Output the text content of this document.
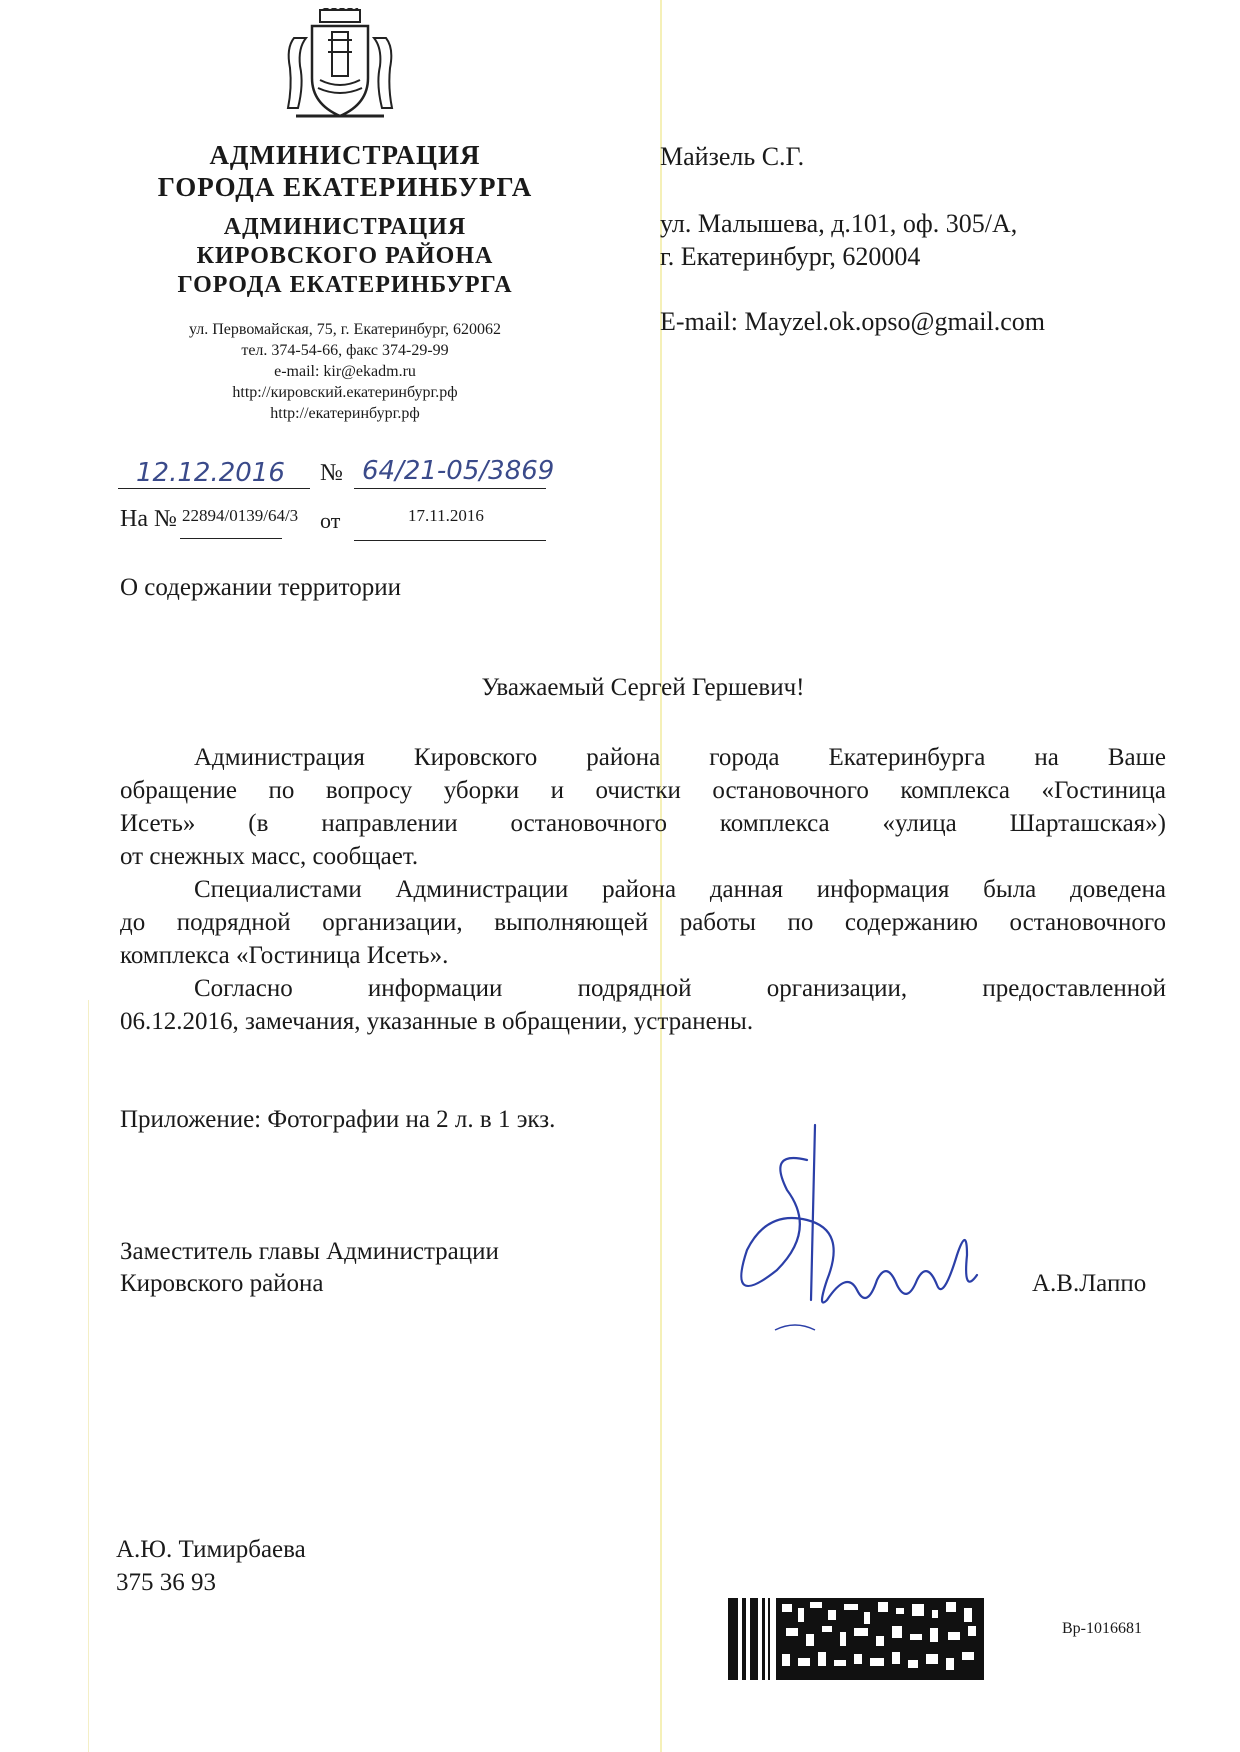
АДМИНИСТРАЦИЯ
ГОРОДА ЕКАТЕРИНБУРГА
АДМИНИСТРАЦИЯ
КИРОВСКОГО РАЙОНА
ГОРОДА ЕКАТЕРИНБУРГА
ул. Первомайская, 75, г. Екатеринбург, 620062
тел. 374-54-66, факс 374-29-99
e-mail: kir@ekadm.ru
http://кировский.екатеринбург.рф
http://екатеринбург.рф
Майзель С.Г.
ул. Малышева, д.101, оф. 305/А,
г. Екатеринбург, 620004
E-mail: Mayzel.ok.opso@gmail.com
12.12.2016 № 64/21-05/3869
На № 22894/0139/64/3 от	17.11.2016
О содержании территории
Уважаемый Сергей Гершевич!
Администрация Кировского района города Екатеринбурга на Ваше
обращение по вопросу уборки и очистки остановочного комплекса «Гостиница
Исеть» (в направлении остановочного комплекса «улица Шарташская»)
от снежных масс, сообщает.
Специалистами Администрации района данная информация была доведена
до подрядной организации, выполняющей работы по содержанию остановочного
комплекса «Гостиница Исеть».
Согласно информации подрядной организации, предоставленной
06.12.2016, замечания, указанные в обращении, устранены.
Приложение: Фотографии на 2 л. в 1 экз.
Заместитель главы Администрации
Кировского района	А.В.Лаппо
А.Ю. Тимирбаева
375 36 93
Вр-1016681
